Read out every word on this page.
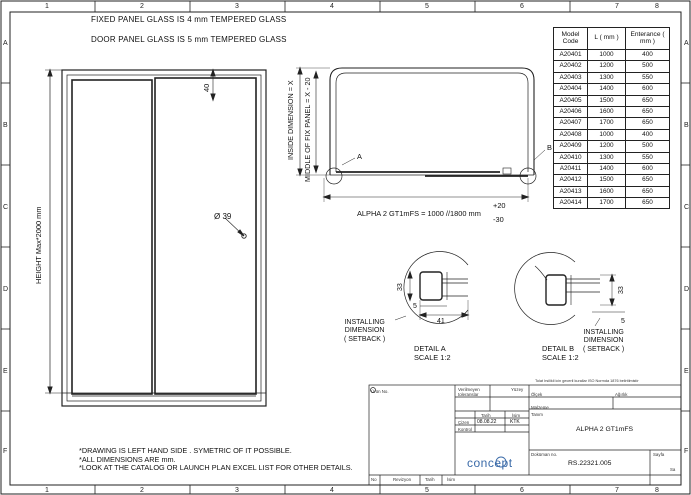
1	2	3	4	5	6	7	8
1	2	3	4	5	6	7	8
A
B
C
D
E
F
A
B
C
D
E
F
FIXED PANEL GLASS IS 4 mm TEMPERED GLASS
DOOR PANEL GLASS IS 5 mm TEMPERED GLASS
HEIGHT Max*2000 mm
40
Ø 39
INSIDE DIMENSION = X MIDDLE OF FIX PANEL = X - 20	A
B
ALPHA 2 GT1mFS = 1000 //1800 mm
+20
-30
33
5
41
INSTALLING
DIMENSION
( SETBACK )
DETAIL A
SCALE 1:2
33
5
DETAIL B
SCALE 1:2
INSTALLING
DIMENSION
( SETBACK )
Model Code	L ( mm )	Enterance ( mm )
A20401	1000	400
A20402	1200	500
A20403	1300	550
A20404	1400	600
A20405	1500	650
A20406	1600	650
A20407	1700	650
A20408	1000	400
A20409	1200	500
A20410	1300	550
A20411	1400	600
A20412	1500	650
A20413	1600	650
A20414	1700	650
*DRAWING IS LEFT HAND SIDE . SYMETRIC OF IT POSSIBLE.
*ALL DIMENSIONS ARE mm.
*LOOK AT THE CATALOG OR LAUNCH PLAN EXCEL LIST FOR OTHER DETAILS.
Tolat Irsilikli icin gecerli kurallar ISO Normda 1876 belirtilmistir
Ürün No.	Verilmeyen
toleranslar
Yüzey
Ölçek	Ağırlık
Malzeme
Tarih	İsim
Çizen 08.08.22	KTK
Kontrol
Tanım
ALPHA 2 GT1mFS
concept
Doküman no.
RS.22321.005
Sayfa
Sa
No	Revizyon	Tarih	İsim
